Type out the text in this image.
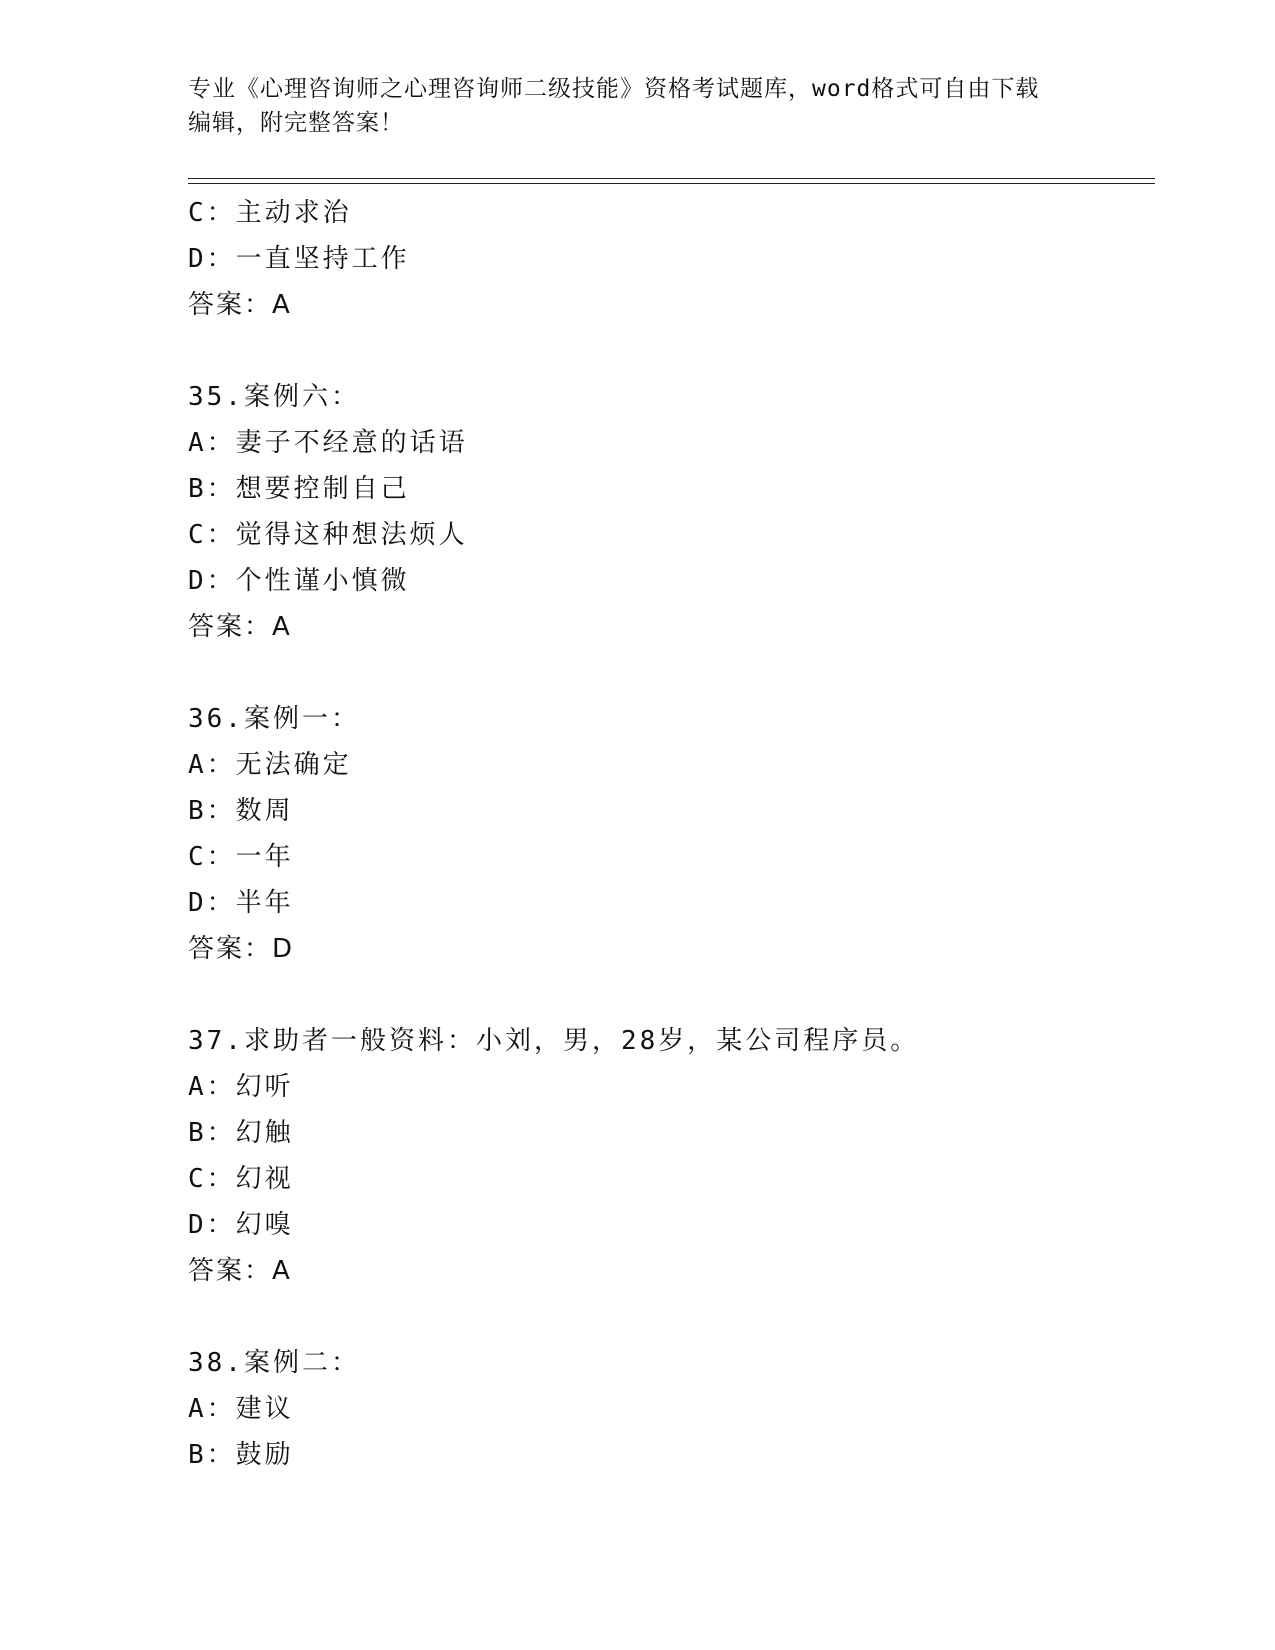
专业《心理咨询师之心理咨询师二级技能》资格考试题库，word格式可自由下载
编辑，附完整答案！
C：主动求治
D：一直坚持工作
答案：A
35.案例六：
A：妻子不经意的话语
B：想要控制自己
C：觉得这种想法烦人
D：个性谨小慎微
答案：A
36.案例一：
A：无法确定
B：数周
C：一年
D：半年
答案：D
37.求助者一般资料：小刘，男，28岁，某公司程序员。
A：幻听
B：幻触
C：幻视
D：幻嗅
答案：A
38.案例二：
A：建议
B：鼓励
